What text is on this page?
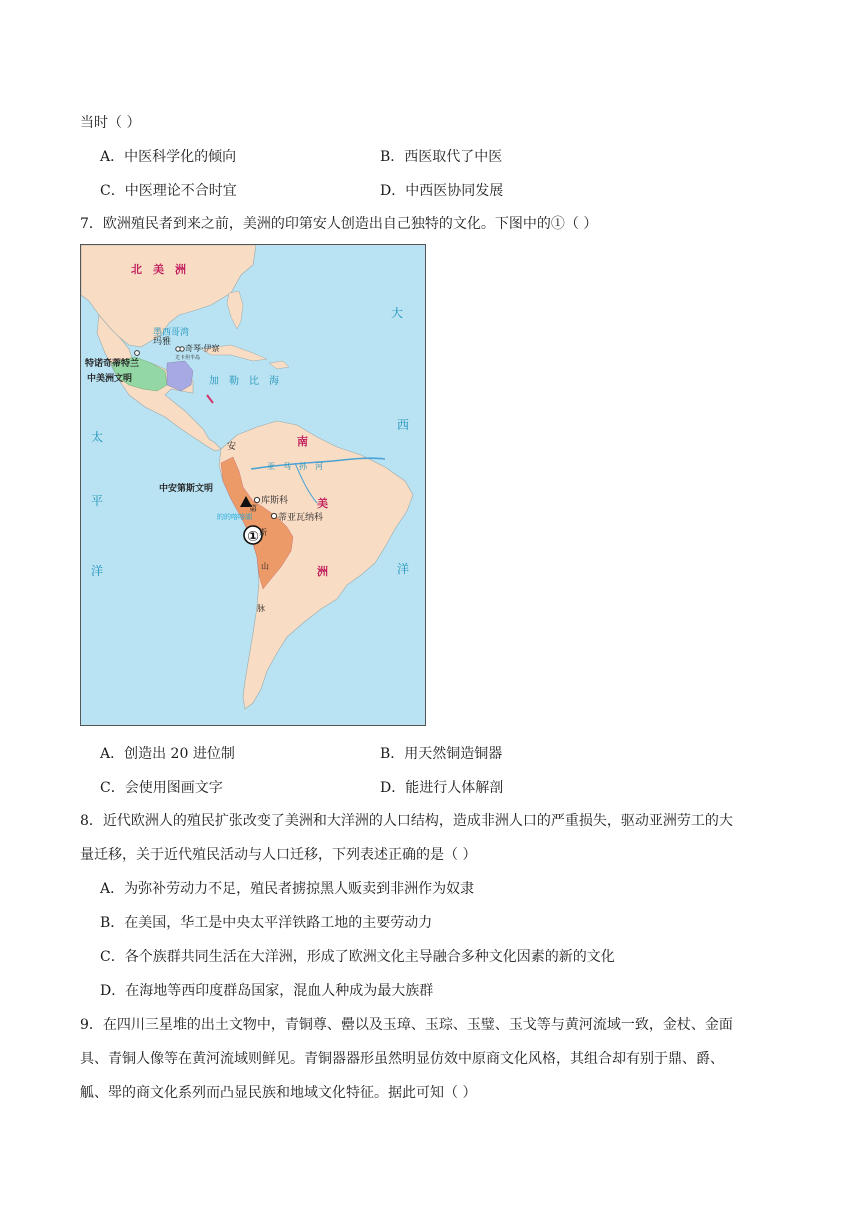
当时（ ）
A．中医科学化的倾向	B．西医取代了中医
C．中医理论不合时宜	D．中西医协同发展
7．欧洲殖民者到来之前，美洲的印第安人创造出自己独特的文化。下图中的①（ ）
①
北　美　洲
墨西哥湾
奇琴·伊察
尤卡坦半岛
玛雅
特诺奇蒂特兰
中美洲文明	加　勒　比　海
大
西
洋
太
平
洋
南
亚　马　孙　河
安
第
斯
山
脉
中安第斯文明
库斯科
蒂亚瓦纳科
的的喀喀湖
美
洲
A．创造出 20 进位制	B．用天然铜造铜器
C．会使用图画文字	D．能进行人体解剖
8．近代欧洲人的殖民扩张改变了美洲和大洋洲的人口结构，造成非洲人口的严重损失，驱动亚洲劳工的大
量迁移，关于近代殖民活动与人口迁移，下列表述正确的是（ ）
A．为弥补劳动力不足，殖民者掳掠黑人贩卖到非洲作为奴隶
B．在美国，华工是中央太平洋铁路工地的主要劳动力
C．各个族群共同生活在大洋洲，形成了欧洲文化主导融合多种文化因素的新的文化
D．在海地等西印度群岛国家，混血人种成为最大族群
9．在四川三星堆的出土文物中，青铜尊、罍以及玉璋、玉琮、玉璧、玉戈等与黄河流域一致，金杖、金面
具、青铜人像等在黄河流域则鲜见。青铜器器形虽然明显仿效中原商文化风格，其组合却有别于鼎、爵、
觚、斝的商文化系列而凸显民族和地域文化特征。据此可知（ ）
